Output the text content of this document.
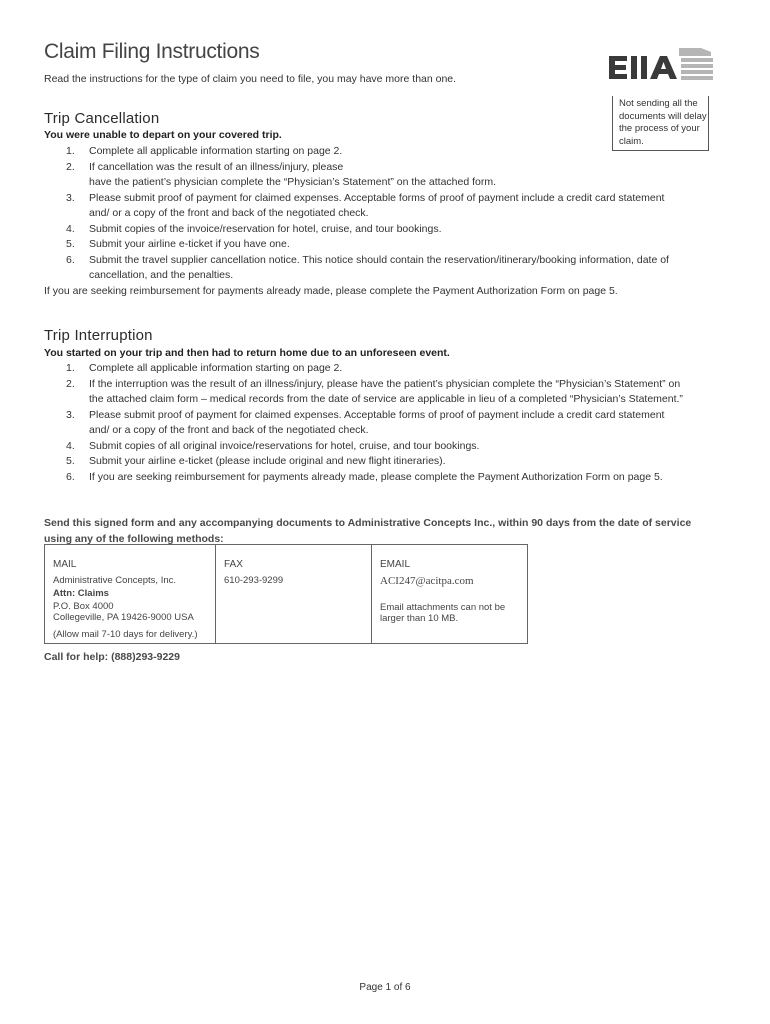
Claim Filing Instructions
Read the instructions for the type of claim you need to file, you may have more than one.
Not sending all the documents will delay the process of your claim.
Trip Cancellation
You were unable to depart on your covered trip.
1. Complete all applicable information starting on page 2.
2. If cancellation was the result of an illness/injury, please
have the patient’s physician complete the “Physician’s Statement” on the attached form.
3. Please submit proof of payment for claimed expenses. Acceptable forms of proof of payment include a credit card statement
and/ or a copy of the front and back of the negotiated check.
4. Submit copies of the invoice/reservation for hotel, cruise, and tour bookings.
5. Submit your airline e-ticket if you have one.
6. Submit the travel supplier cancellation notice. This notice should contain the reservation/itinerary/booking information, date of
cancellation, and the penalties.
If you are seeking reimbursement for payments already made, please complete the Payment Authorization Form on page 5.
Trip Interruption
You started on your trip and then had to return home due to an unforeseen event.
1. Complete all applicable information starting on page 2.
2. If the interruption was the result of an illness/injury, please have the patient’s physician complete the “Physician’s Statement” on
the attached claim form – medical records from the date of service are applicable in lieu of a completed “Physician’s Statement.”
3. Please submit proof of payment for claimed expenses. Acceptable forms of proof of payment include a credit card statement
and/ or a copy of the front and back of the negotiated check.
4. Submit copies of all original invoice/reservations for hotel, cruise, and tour bookings.
5. Submit your airline e-ticket (please include original and new flight itineraries).
6. If you are seeking reimbursement for payments already made, please complete the Payment Authorization Form on page 5.
Send this signed form and any accompanying documents to Administrative Concepts Inc., within 90 days from the date of service using any of the following methods:
MAIL
Administrative Concepts, Inc.
Attn: Claims
P.O. Box 4000
Collegeville, PA 19426-9000 USA
(Allow mail 7-10 days for delivery.)

FAX
610-293-9299

EMAIL
ACI247@acitpa.com
Email attachments can not be larger than 10 MB.
Call for help: (888)293-9229
Page 1 of 6
